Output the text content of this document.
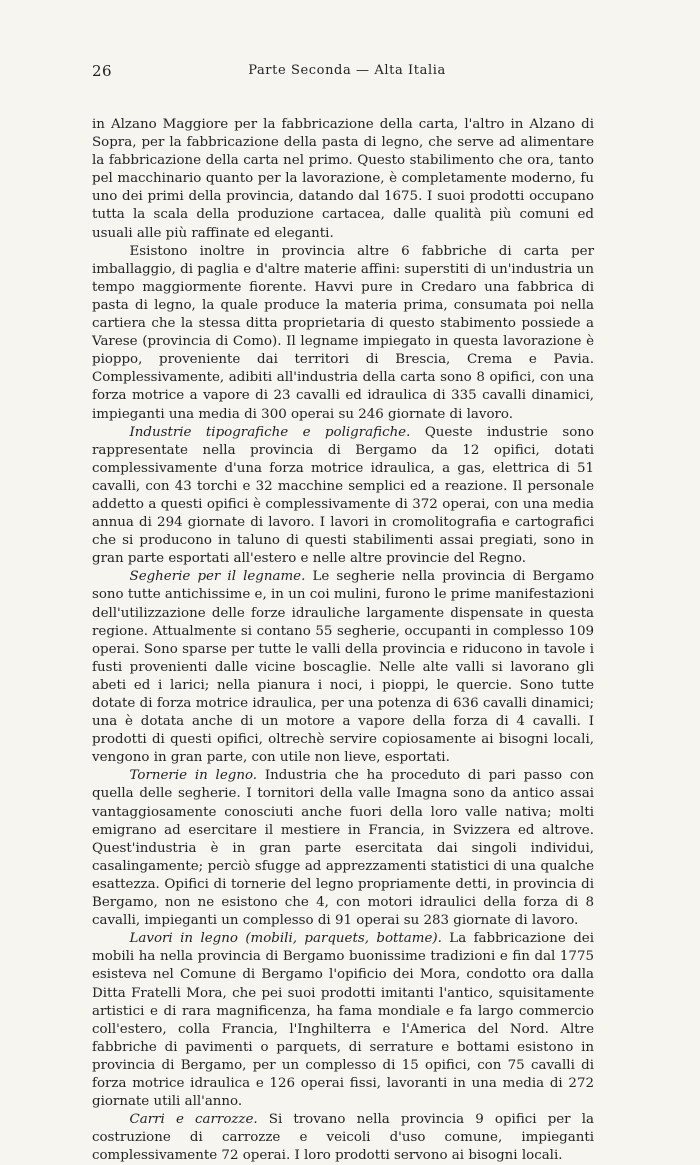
26	Parte Seconda — Alta Italia

in Alzano Maggiore per la fabbricazione della carta, l'altro in Alzano di Sopra, per la fabbricazione della pasta di legno, che serve ad alimentare la fabbricazione della carta nel primo. Questo stabilimento che ora, tanto pel macchinario quanto per la lavorazione, è completamente moderno, fu uno dei primi della provincia, datando dal 1675. I suoi prodotti occupano tutta la scala della produzione cartacea, dalle qualità più comuni ed usuali alle più raffinate ed eleganti.

Esistono inoltre in provincia altre 6 fabbriche di carta per imballaggio, di paglia e d'altre materie affini: superstiti di un'industria un tempo maggiormente fiorente. Havvi pure in Credaro una fabbrica di pasta di legno, la quale produce la materia prima, consumata poi nella cartiera che la stessa ditta proprietaria di questo stabimento possiede a Varese (provincia di Como). Il legname impiegato in questa lavorazione è pioppo, proveniente dai territori di Brescia, Crema e Pavia. Complessivamente, adibiti all'industria della carta sono 8 opifici, con una forza motrice a vapore di 23 cavalli ed idraulica di 335 cavalli dinamici, impieganti una media di 300 operai su 246 giornate di lavoro.

Industrie tipografiche e poligrafiche. Queste industrie sono rappresentate nella provincia di Bergamo da 12 opifici, dotati complessivamente d'una forza motrice idraulica, a gas, elettrica di 51 cavalli, con 43 torchi e 32 macchine semplici ed a reazione. Il personale addetto a questi opifici è complessivamente di 372 operai, con una media annua di 294 giornate di lavoro. I lavori in cromolitografia e cartografici che si producono in taluno di questi stabilimenti assai pregiati, sono in gran parte esportati all'estero e nelle altre provincie del Regno.

Segherie per il legname. Le segherie nella provincia di Bergamo sono tutte antichissime e, in un coi mulini, furono le prime manifestazioni dell'utilizzazione delle forze idrauliche largamente dispensate in questa regione. Attualmente si contano 55 segherie, occupanti in complesso 109 operai. Sono sparse per tutte le valli della provincia e riducono in tavole i fusti provenienti dalle vicine boscaglie. Nelle alte valli si lavorano gli abeti ed i larici; nella pianura i noci, i pioppi, le quercie. Sono tutte dotate di forza motrice idraulica, per una potenza di 636 cavalli dinamici; una è dotata anche di un motore a vapore della forza di 4 cavalli. I prodotti di questi opifici, oltrechè servire copiosamente ai bisogni locali, vengono in gran parte, con utile non lieve, esportati.

Tornerie in legno. Industria che ha proceduto di pari passo con quella delle segherie. I tornitori della valle Imagna sono da antico assai vantaggiosamente conosciuti anche fuori della loro valle nativa; molti emigrano ad esercitare il mestiere in Francia, in Svizzera ed altrove. Quest'industria è in gran parte esercitata dai singoli individui, casalingamente; perciò sfugge ad apprezzamenti statistici di una qualche esattezza. Opifici di tornerie del legno propriamente detti, in provincia di Bergamo, non ne esistono che 4, con motori idraulici della forza di 8 cavalli, impieganti un complesso di 91 operai su 283 giornate di lavoro.

Lavori in legno (mobili, parquets, bottame). La fabbricazione dei mobili ha nella provincia di Bergamo buonissime tradizioni e fin dal 1775 esisteva nel Comune di Bergamo l'opificio dei Mora, condotto ora dalla Ditta Fratelli Mora, che pei suoi prodotti imitanti l'antico, squisitamente artistici e di rara magnificenza, ha fama mondiale e fa largo commercio coll'estero, colla Francia, l'Inghilterra e l'America del Nord. Altre fabbriche di pavimenti o parquets, di serrature e bottami esistono in provincia di Bergamo, per un complesso di 15 opifici, con 75 cavalli di forza motrice idraulica e 126 operai fissi, lavoranti in una media di 272 giornate utili all'anno.

Carri e carrozze. Si trovano nella provincia 9 opifici per la costruzione di carrozze e veicoli d'uso comune, impieganti complessivamente 72 operai. I loro prodotti servono ai bisogni locali.
